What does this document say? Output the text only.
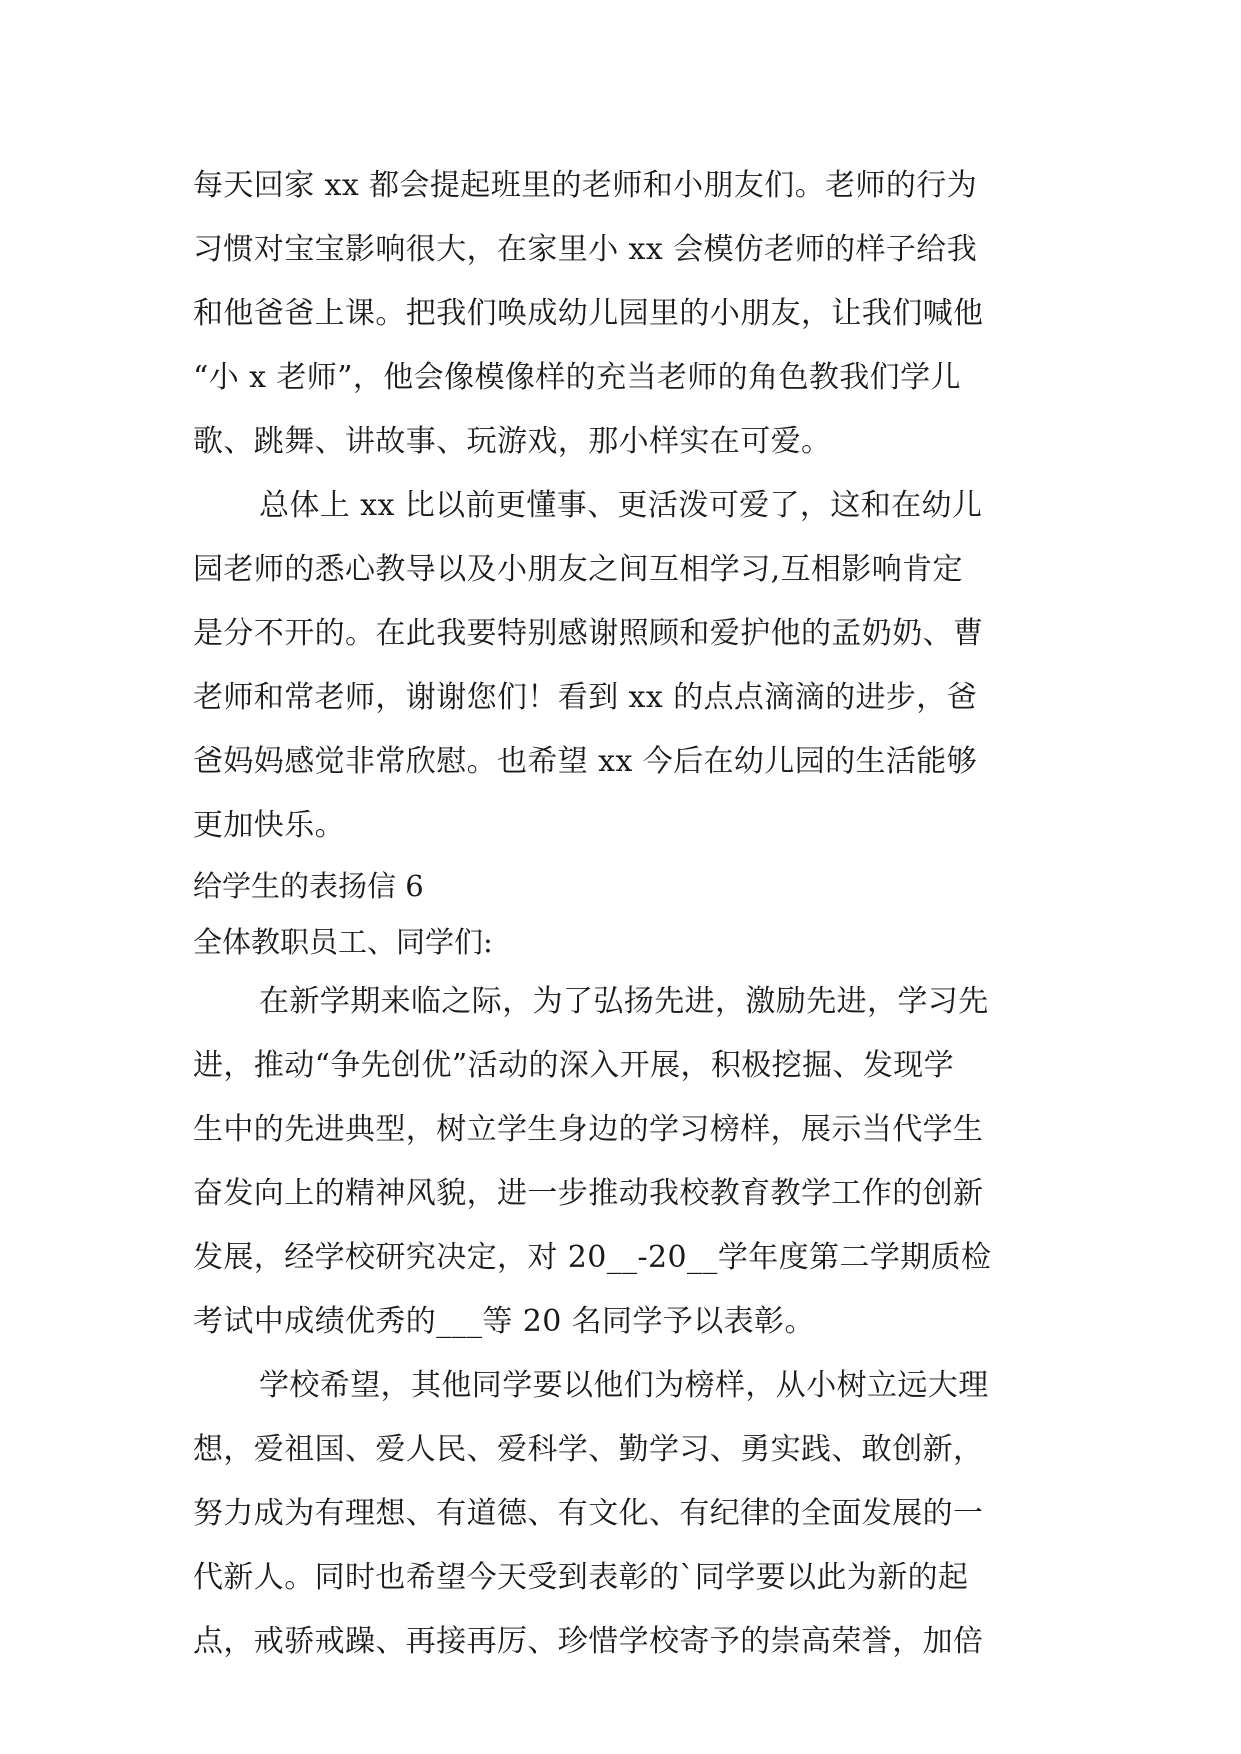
每天回家 xx 都会提起班里的老师和小朋友们。老师的行为
习惯对宝宝影响很大，在家里小 xx 会模仿老师的样子给我
和他爸爸上课。把我们唤成幼儿园里的小朋友，让我们喊他
“小 x 老师”，他会像模像样的充当老师的角色教我们学儿
歌、跳舞、讲故事、玩游戏，那小样实在可爱。
总体上 xx 比以前更懂事、更活泼可爱了，这和在幼儿
园老师的悉心教导以及小朋友之间互相学习,互相影响肯定
是分不开的。在此我要特别感谢照顾和爱护他的孟奶奶、曹
老师和常老师，谢谢您们！看到 xx 的点点滴滴的进步，爸
爸妈妈感觉非常欣慰。也希望 xx 今后在幼儿园的生活能够
更加快乐。
给学生的表扬信 6
全体教职员工、同学们:
在新学期来临之际，为了弘扬先进，激励先进，学习先
进，推动“争先创优”活动的深入开展，积极挖掘、发现学
生中的先进典型，树立学生身边的学习榜样，展示当代学生
奋发向上的精神风貌，进一步推动我校教育教学工作的创新
发展，经学校研究决定，对 20__-20__学年度第二学期质检
考试中成绩优秀的___等 20 名同学予以表彰。
学校希望，其他同学要以他们为榜样，从小树立远大理
想，爱祖国、爱人民、爱科学、勤学习、勇实践、敢创新，
努力成为有理想、有道德、有文化、有纪律的全面发展的一
代新人。同时也希望今天受到表彰的`同学要以此为新的起
点，戒骄戒躁、再接再厉、珍惜学校寄予的崇高荣誉，加倍
